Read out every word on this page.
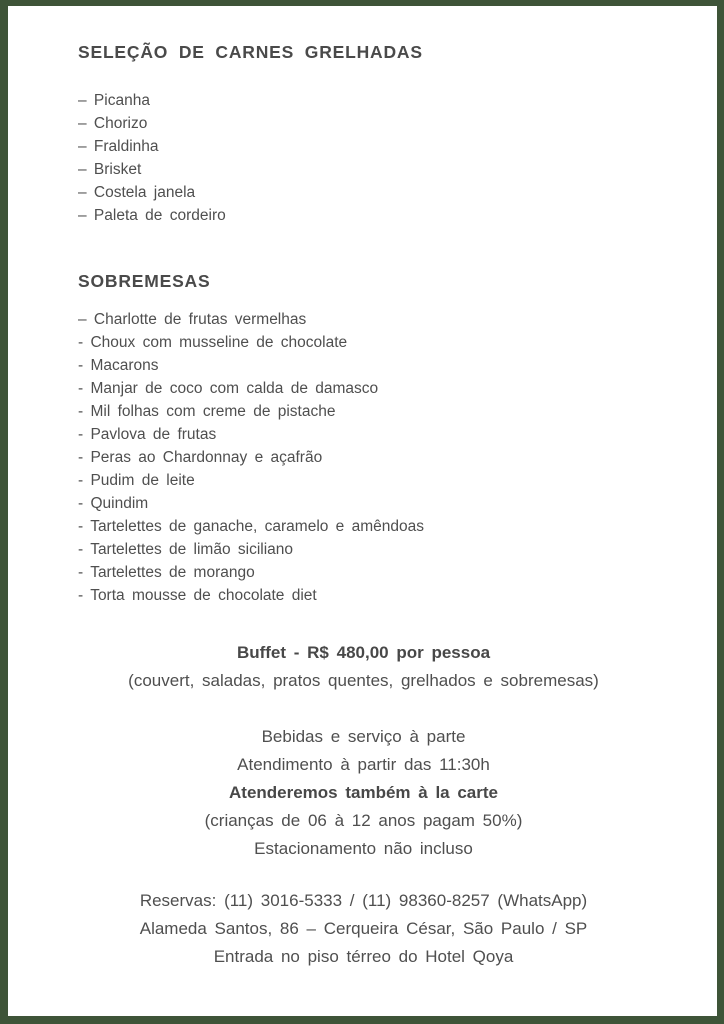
SELEÇÃO DE CARNES GRELHADAS
– Picanha
– Chorizo
– Fraldinha
– Brisket
– Costela janela
– Paleta de cordeiro
SOBREMESAS
– Charlotte de frutas vermelhas
- Choux com musseline de chocolate
- Macarons
- Manjar de coco com calda de damasco
- Mil folhas com creme de pistache
- Pavlova de frutas
- Peras ao Chardonnay e açafrão
- Pudim de leite
- Quindim
- Tartelettes de ganache, caramelo e amêndoas
- Tartelettes de limão siciliano
- Tartelettes de morango
- Torta mousse de chocolate diet

Buffet - R$ 480,00 por pessoa

(couvert, saladas, pratos quentes, grelhados e sobremesas)

Bebidas e serviço à parte

Atendimento à partir das 11:30h

Atenderemos também à la carte

(crianças de 06 à 12 anos pagam 50%)

Estacionamento não incluso

Reservas: (11) 3016-5333 / (11) 98360-8257 (WhatsApp)

Alameda Santos, 86 – Cerqueira César, São Paulo / SP

Entrada no piso térreo do Hotel Qoya
